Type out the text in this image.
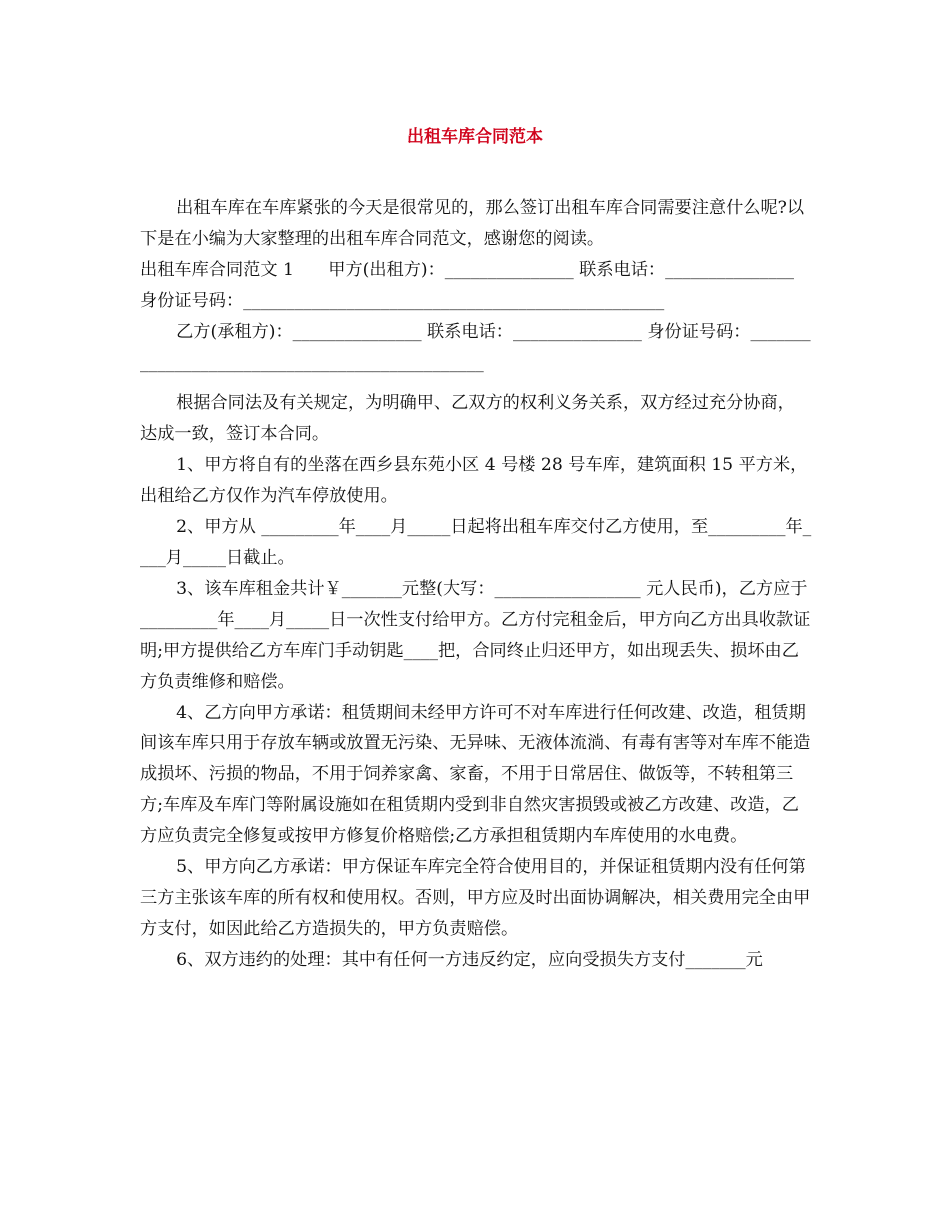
出租车库合同范本

出租车库在车库紧张的今天是很常见的，那么签订出租车库合同需要注意什么呢?以下是在小编为大家整理的出租车库合同范文，感谢您的阅读。

出租车库合同范文 1　　甲方(出租方)：_______________ 联系电话：_______________ 身份证号码：_________________________________________________

乙方(承租方)：_______________ 联系电话：_______________ 身份证号码：_______________________________________________

根据合同法及有关规定，为明确甲、乙双方的权利义务关系，双方经过充分协商，达成一致，签订本合同。

1、甲方将自有的坐落在西乡县东苑小区 4 号楼 28 号车库，建筑面积 15 平方米，出租给乙方仅作为汽车停放使用。

2、甲方从 _________年____月_____日起将出租车库交付乙方使用，至_________年____月_____日截止。

3、该车库租金共计￥_______元整(大写：_________________ 元人民币)，乙方应于_________年____月_____日一次性支付给甲方。乙方付完租金后，甲方向乙方出具收款证明;甲方提供给乙方车库门手动钥匙____把，合同终止归还甲方，如出现丢失、损坏由乙方负责维修和赔偿。

4、乙方向甲方承诺：租赁期间未经甲方许可不对车库进行任何改建、改造，租赁期间该车库只用于存放车辆或放置无污染、无异味、无液体流淌、有毒有害等对车库不能造成损坏、污损的物品，不用于饲养家禽、家畜，不用于日常居住、做饭等，不转租第三方;车库及车库门等附属设施如在租赁期内受到非自然灾害损毁或被乙方改建、改造，乙方应负责完全修复或按甲方修复价格赔偿;乙方承担租赁期内车库使用的水电费。

5、甲方向乙方承诺：甲方保证车库完全符合使用目的，并保证租赁期内没有任何第三方主张该车库的所有权和使用权。否则，甲方应及时出面协调解决，相关费用完全由甲方支付，如因此给乙方造损失的，甲方负责赔偿。

6、双方违约的处理：其中有任何一方违反约定，应向受损失方支付_______元
